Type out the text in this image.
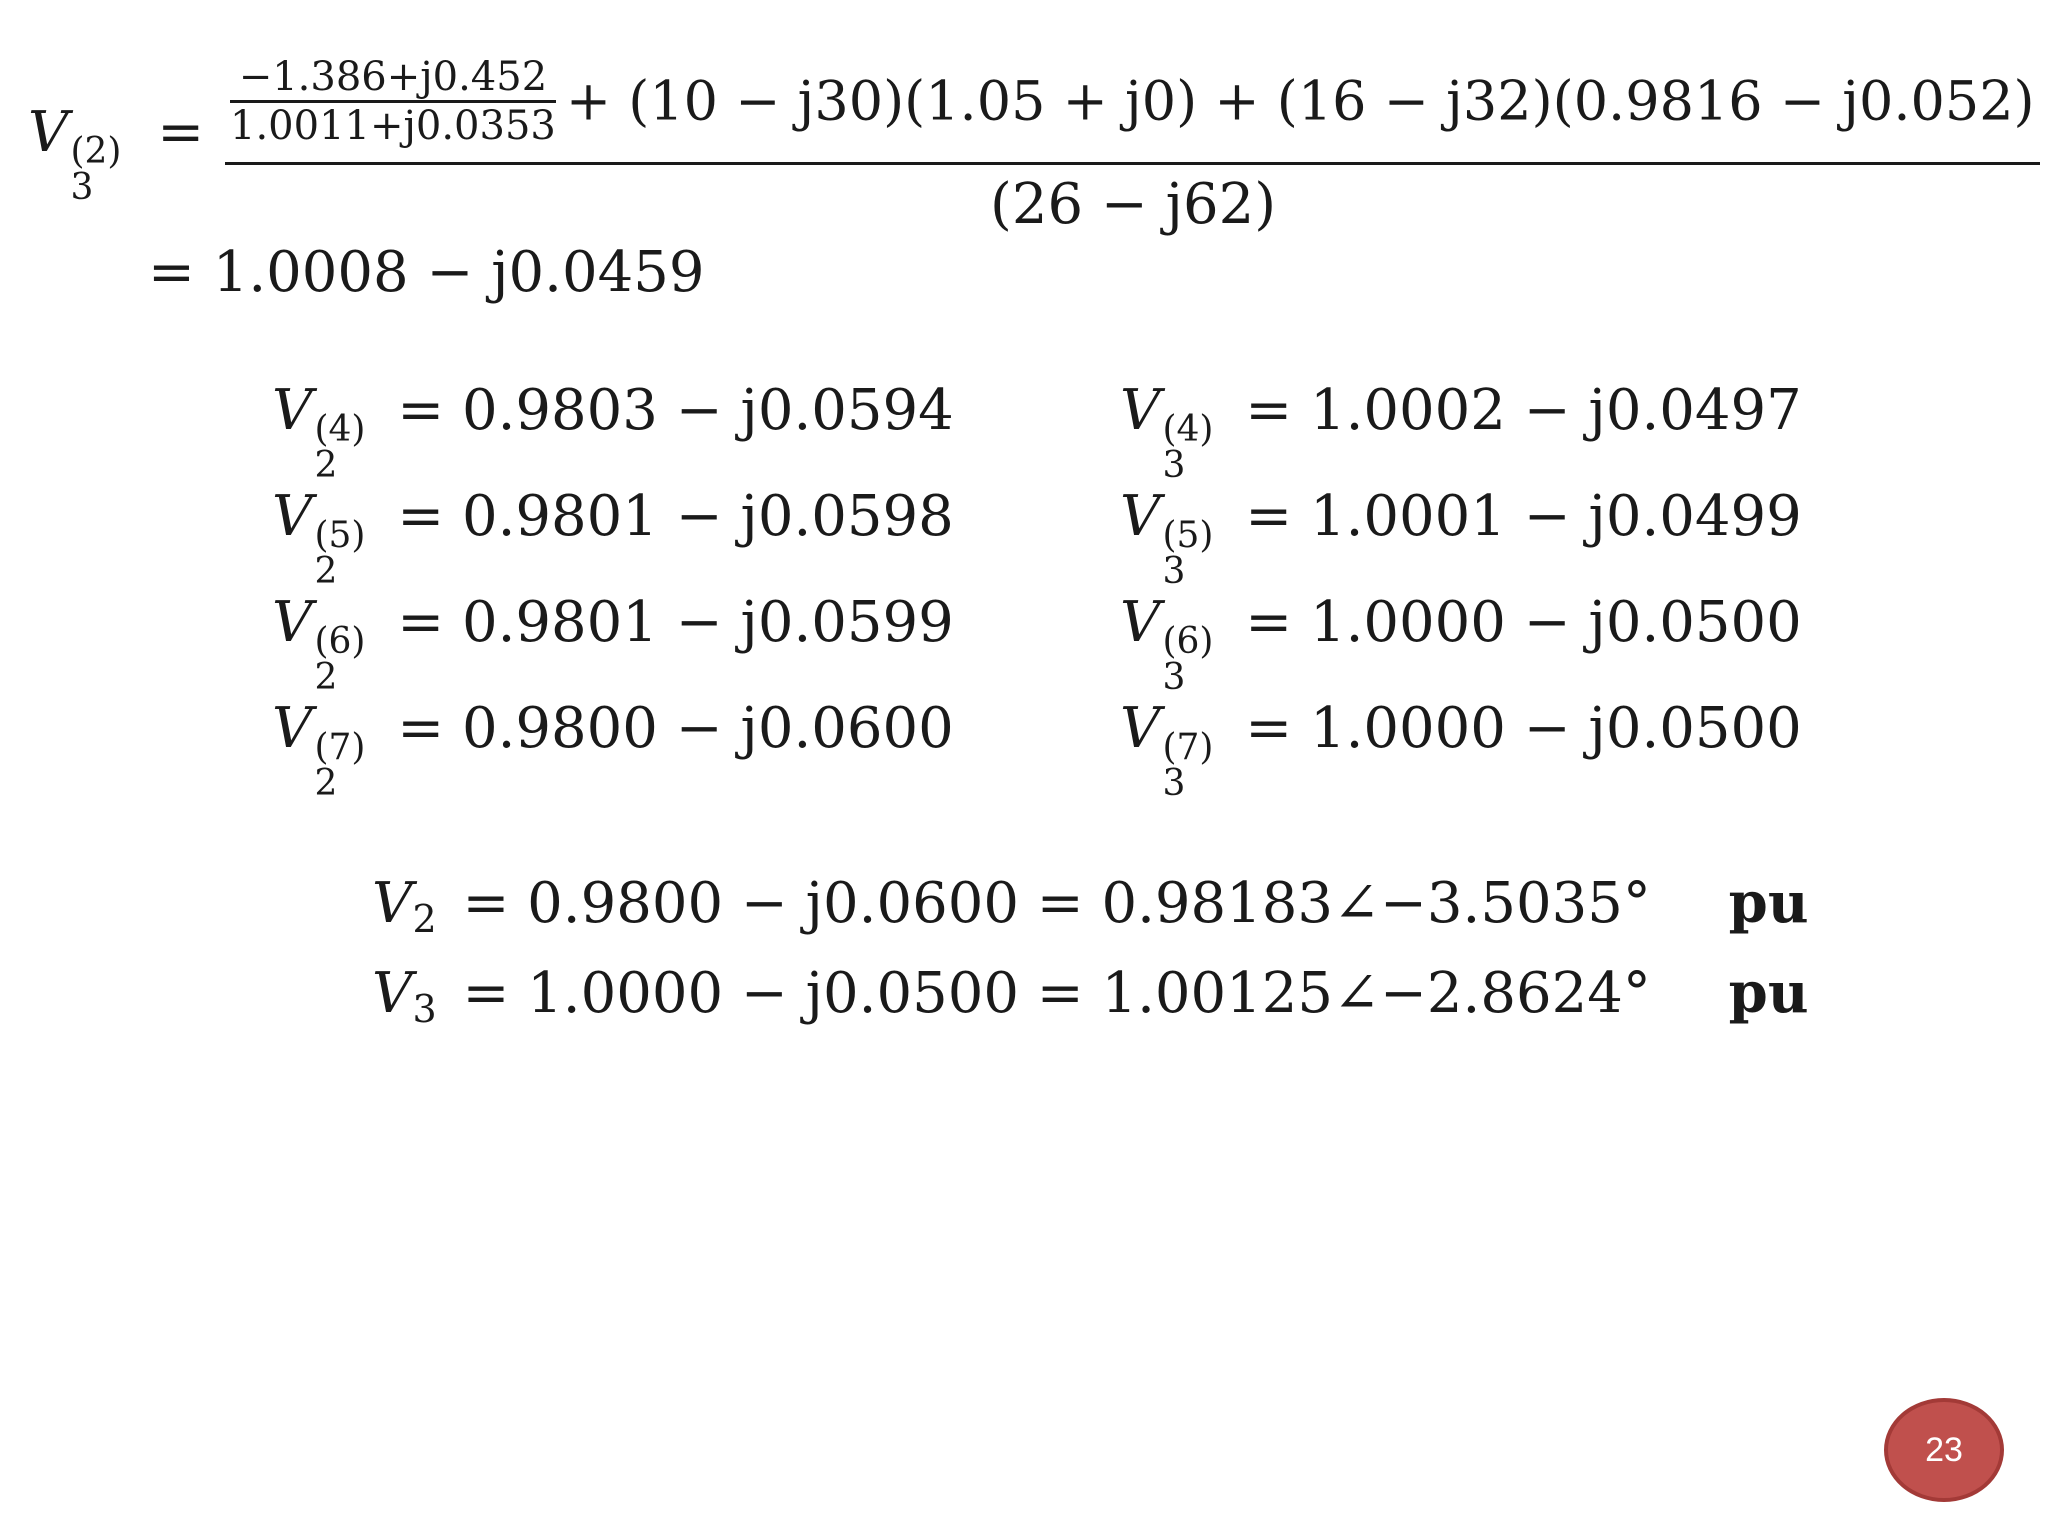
V (2)
3
= $\frac{-1.386+j0.452}{1.0011+j0.0353} + (10 - j30)(1.05 + j0) + (16 - j32)(0.9816 - j0.052)$
(26 − j62)
= 1.0008 − j0.0459
V (4)
2
= 0.9803 − j0.0594
V (5)
2
= 0.9801 − j0.0598
V (6)
2
= 0.9801 − j0.0599
V (7)
2
= 0.9800 − j0.0600
V (4)
3
= 1.0002 − j0.0497
V (5)
3
= 1.0001 − j0.0499
V (6)
3
= 1.0000 − j0.0500
V (7)
3
= 1.0000 − j0.0500
V2 = 0.9800 − j0.0600 = 0.98183∠−3.5035° pu
V3 = 1.0000 − j0.0500 = 1.00125∠−2.8624° pu
23
